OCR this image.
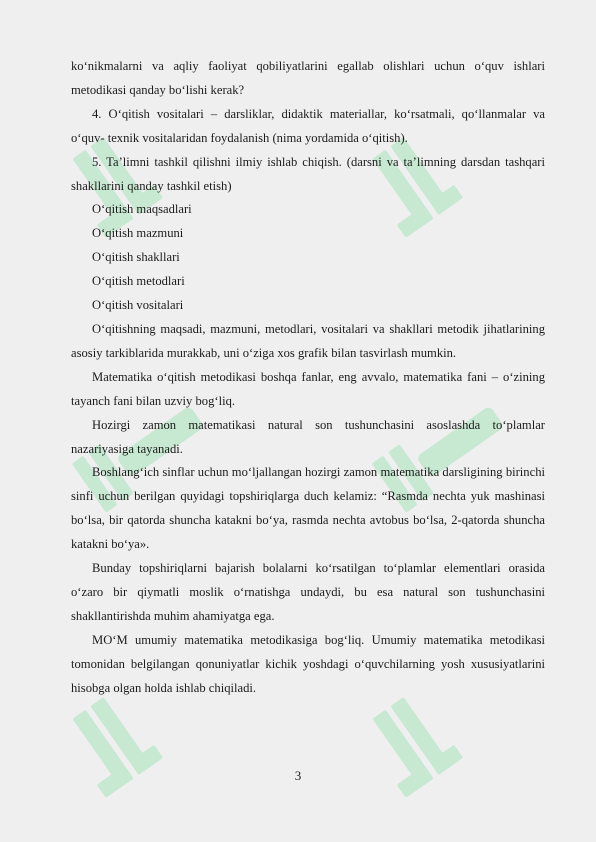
ko‘nikmalarni va aqliy faoliyat qobiliyatlarini egallab olishlari uchun o‘quv ishlari metodikasi qanday bo‘lishi kerak?

4. O‘qitish vositalari – darsliklar, didaktik materiallar, ko‘rsatmali, qo‘llanmalar va o‘quv- texnik vositalaridan foydalanish (nima yordamida o‘qitish).

5. Ta’limni tashkil qilishni ilmiy ishlab chiqish. (darsni va ta’limning darsdan tashqari shakllarini qanday tashkil etish)

O‘qitish maqsadlari

O‘qitish mazmuni

O‘qitish shakllari

O‘qitish metodlari

O‘qitish vositalari

O‘qitishning maqsadi, mazmuni, metodlari, vositalari va shakllari metodik jihatlarining asosiy tarkiblarida murakkab, uni o‘ziga xos grafik bilan tasvirlash mumkin.

Matematika o‘qitish metodikasi boshqa fanlar, eng avvalo, matematika fani – o‘zining tayanch fani bilan uzviy bog‘liq.

Hozirgi zamon matematikasi natural son tushunchasini asoslashda to‘plamlar nazariyasiga tayanadi.

Boshlang‘ich sinflar uchun mo‘ljallangan hozirgi zamon matematika darsligining birinchi sinfi uchun berilgan quyidagi topshiriqlarga duch kelamiz: “Rasmda nechta yuk mashinasi bo‘lsa, bir qatorda shuncha katakni bo‘ya, rasmda nechta avtobus bo‘lsa, 2-qatorda shuncha katakni bo‘ya».

Bunday topshiriqlarni bajarish bolalarni ko‘rsatilgan to‘plamlar elementlari orasida o‘zaro bir qiymatli moslik o‘rnatishga undaydi, bu esa natural son tushunchasini shakllantirishda muhim ahamiyatga ega.

MO‘M umumiy matematika metodikasiga bog‘liq. Umumiy matematika metodikasi tomonidan belgilangan qonuniyatlar kichik yoshdagi o‘quvchilarning yosh xususiyatlarini hisobga olgan holda ishlab chiqiladi.

3
